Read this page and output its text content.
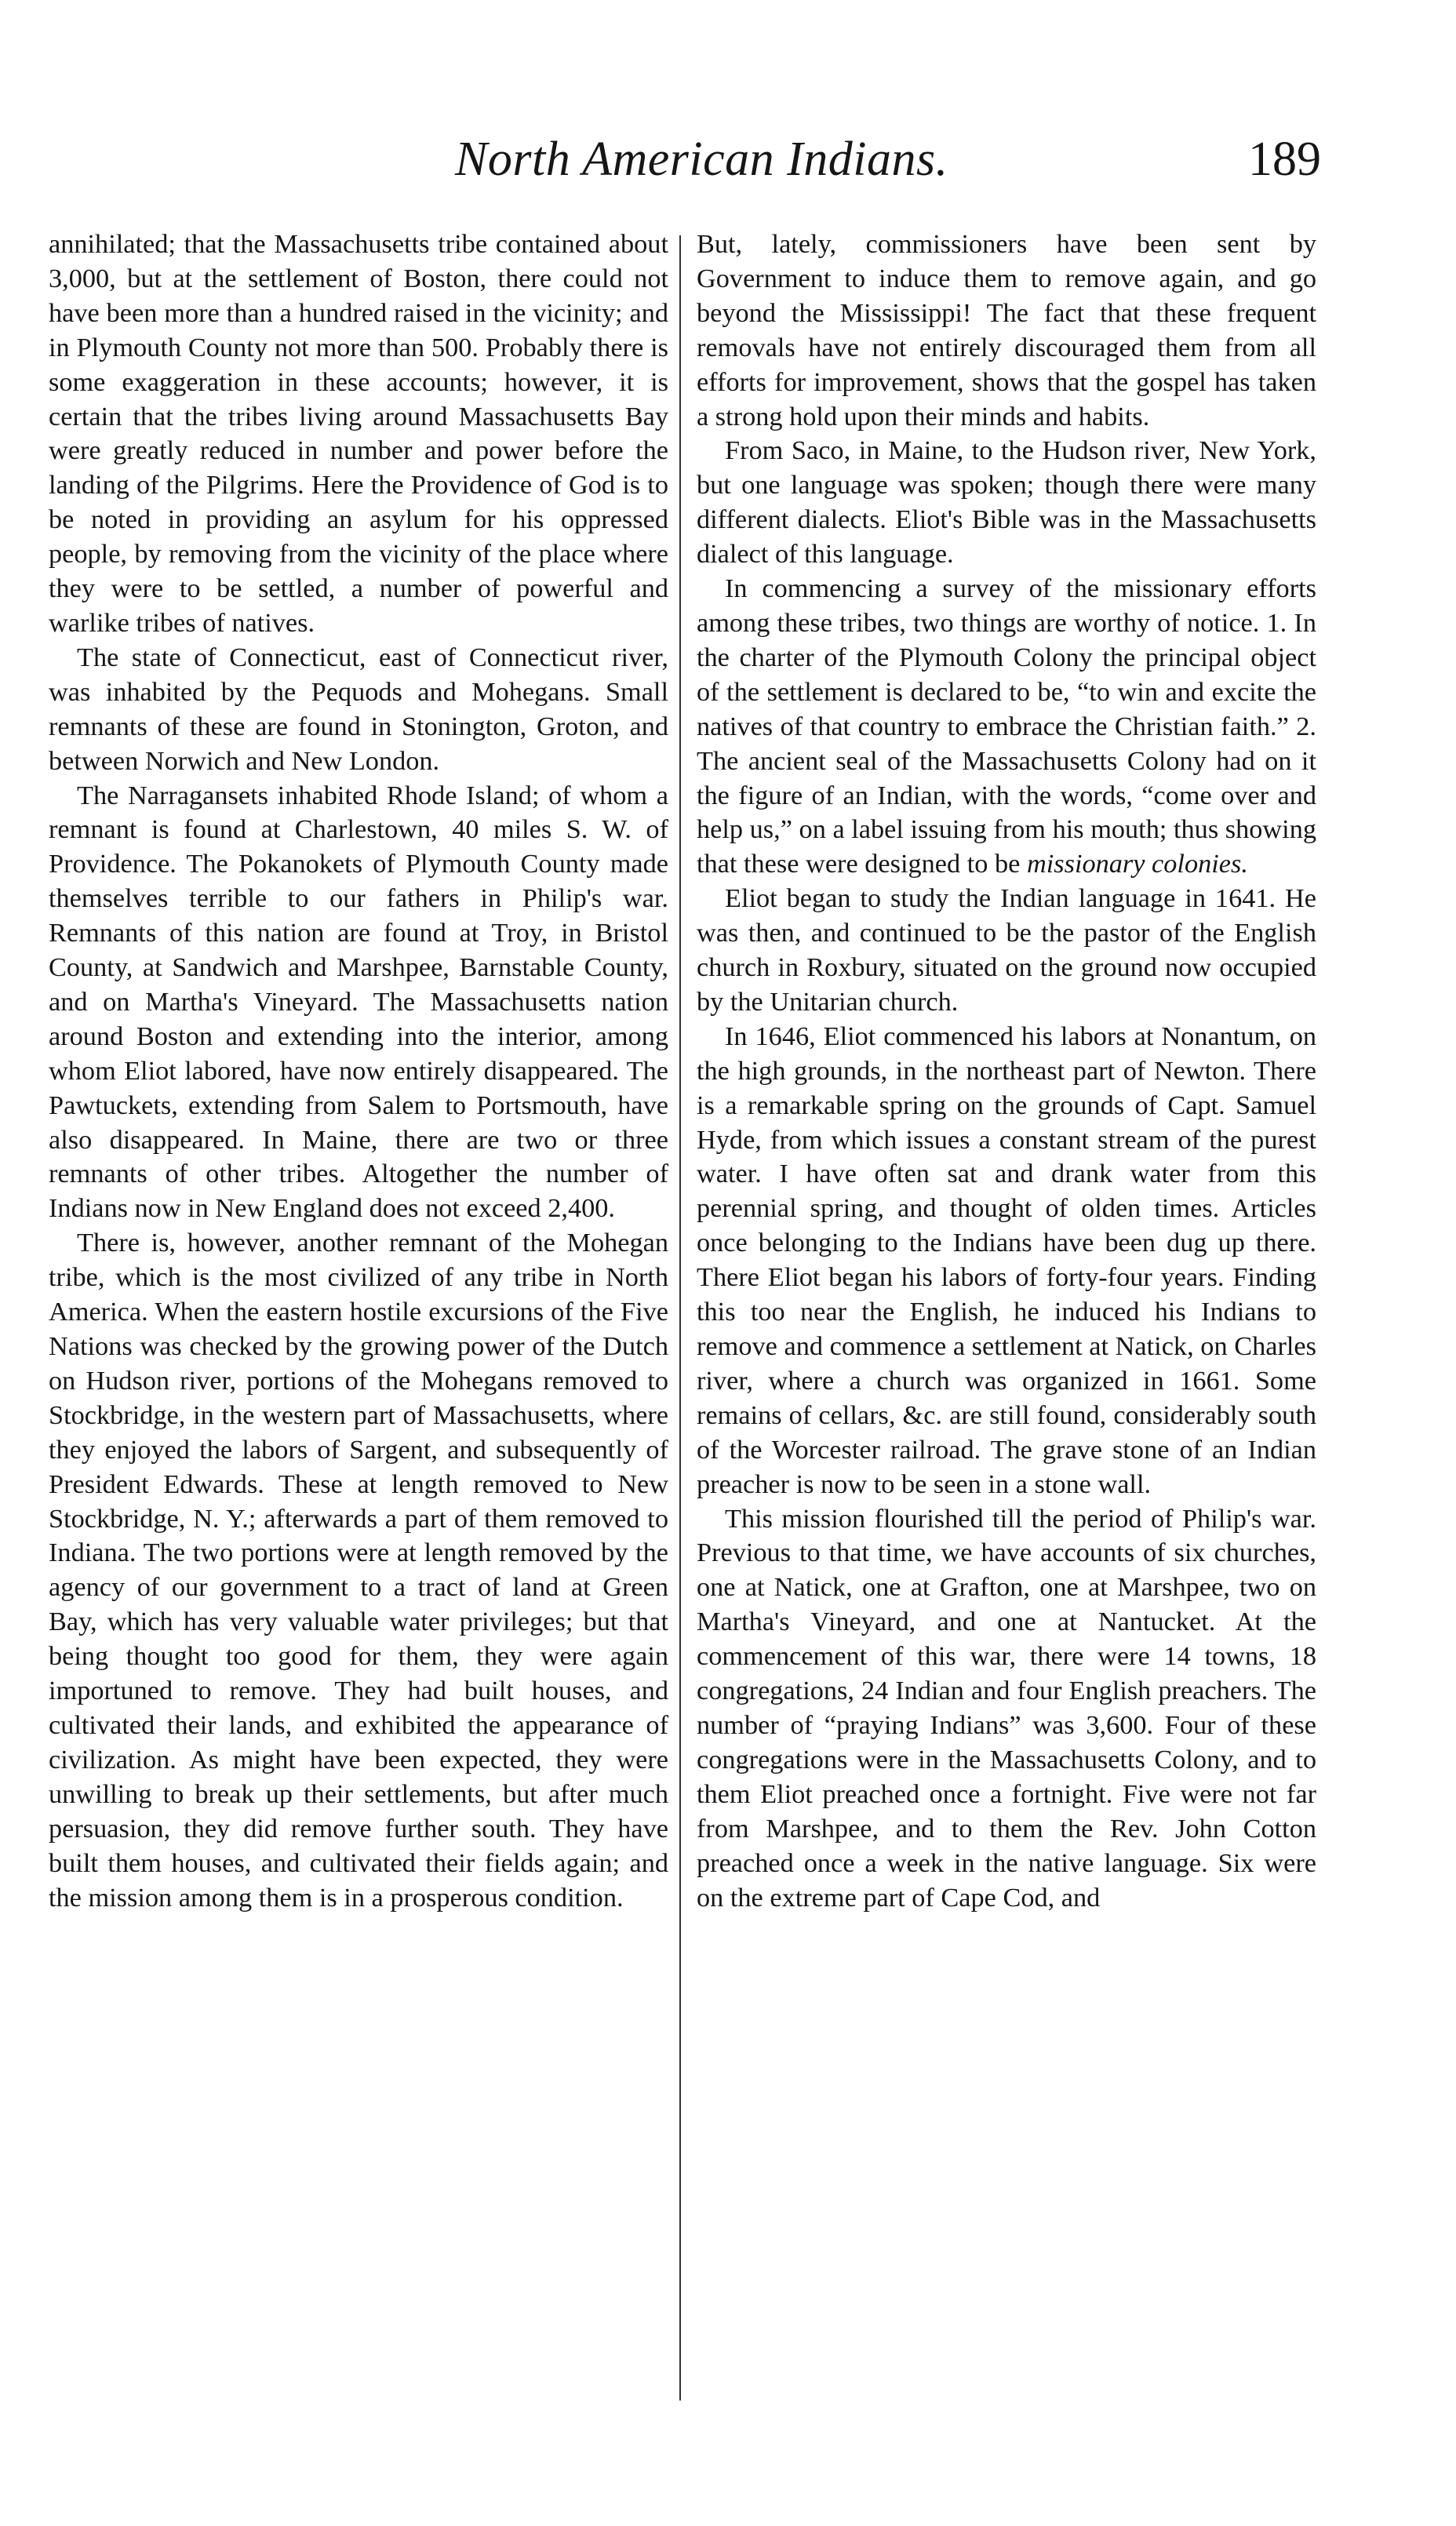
North American Indians.	189

annihilated; that the Massachusetts tribe contained about 3,000, but at the settlement of Boston, there could not have been more than a hundred raised in the vicinity; and in Plymouth County not more than 500. Probably there is some exaggeration in these accounts; however, it is certain that the tribes living around Massachusetts Bay were greatly reduced in number and power before the landing of the Pilgrims. Here the Providence of God is to be noted in providing an asylum for his oppressed people, by removing from the vicinity of the place where they were to be settled, a number of powerful and warlike tribes of natives.

The state of Connecticut, east of Connecticut river, was inhabited by the Pequods and Mohegans. Small remnants of these are found in Stonington, Groton, and between Norwich and New London.

The Narragansets inhabited Rhode Island; of whom a remnant is found at Charlestown, 40 miles S. W. of Providence. The Pokanokets of Plymouth County made themselves terrible to our fathers in Philip's war. Remnants of this nation are found at Troy, in Bristol County, at Sandwich and Marshpee, Barnstable County, and on Martha's Vineyard. The Massachusetts nation around Boston and extending into the interior, among whom Eliot labored, have now entirely disappeared. The Pawtuckets, extending from Salem to Portsmouth, have also disappeared. In Maine, there are two or three remnants of other tribes. Altogether the number of Indians now in New England does not exceed 2,400.

There is, however, another remnant of the Mohegan tribe, which is the most civilized of any tribe in North America. When the eastern hostile excursions of the Five Nations was checked by the growing power of the Dutch on Hudson river, portions of the Mohegans removed to Stockbridge, in the western part of Massachusetts, where they enjoyed the labors of Sargent, and subsequently of President Edwards. These at length removed to New Stockbridge, N. Y.; afterwards a part of them removed to Indiana. The two portions were at length removed by the agency of our government to a tract of land at Green Bay, which has very valuable water privileges; but that being thought too good for them, they were again importuned to remove. They had built houses, and cultivated their lands, and exhibited the appearance of civilization. As might have been expected, they were unwilling to break up their settlements, but after much persuasion, they did remove further south. They have built them houses, and cultivated their fields again; and the mission among them is in a prosperous condition.

But, lately, commissioners have been sent by Government to induce them to remove again, and go beyond the Mississippi! The fact that these frequent removals have not entirely discouraged them from all efforts for improvement, shows that the gospel has taken a strong hold upon their minds and habits.

From Saco, in Maine, to the Hudson river, New York, but one language was spoken; though there were many different dialects. Eliot's Bible was in the Massachusetts dialect of this language.

In commencing a survey of the missionary efforts among these tribes, two things are worthy of notice. 1. In the charter of the Plymouth Colony the principal object of the settlement is declared to be, “to win and excite the natives of that country to embrace the Christian faith.” 2. The ancient seal of the Massachusetts Colony had on it the figure of an Indian, with the words, “come over and help us,” on a label issuing from his mouth; thus showing that these were designed to be missionary colonies.

Eliot began to study the Indian language in 1641. He was then, and continued to be the pastor of the English church in Roxbury, situated on the ground now occupied by the Unitarian church.

In 1646, Eliot commenced his labors at Nonantum, on the high grounds, in the northeast part of Newton. There is a remarkable spring on the grounds of Capt. Samuel Hyde, from which issues a constant stream of the purest water. I have often sat and drank water from this perennial spring, and thought of olden times. Articles once belonging to the Indians have been dug up there. There Eliot began his labors of forty-four years. Finding this too near the English, he induced his Indians to remove and commence a settlement at Natick, on Charles river, where a church was organized in 1661. Some remains of cellars, &c. are still found, considerably south of the Worcester railroad. The grave stone of an Indian preacher is now to be seen in a stone wall.

This mission flourished till the period of Philip's war. Previous to that time, we have accounts of six churches, one at Natick, one at Grafton, one at Marshpee, two on Martha's Vineyard, and one at Nantucket. At the commencement of this war, there were 14 towns, 18 congregations, 24 Indian and four English preachers. The number of “praying Indians” was 3,600. Four of these congregations were in the Massachusetts Colony, and to them Eliot preached once a fortnight. Five were not far from Marshpee, and to them the Rev. John Cotton preached once a week in the native language. Six were on the extreme part of Cape Cod, and
